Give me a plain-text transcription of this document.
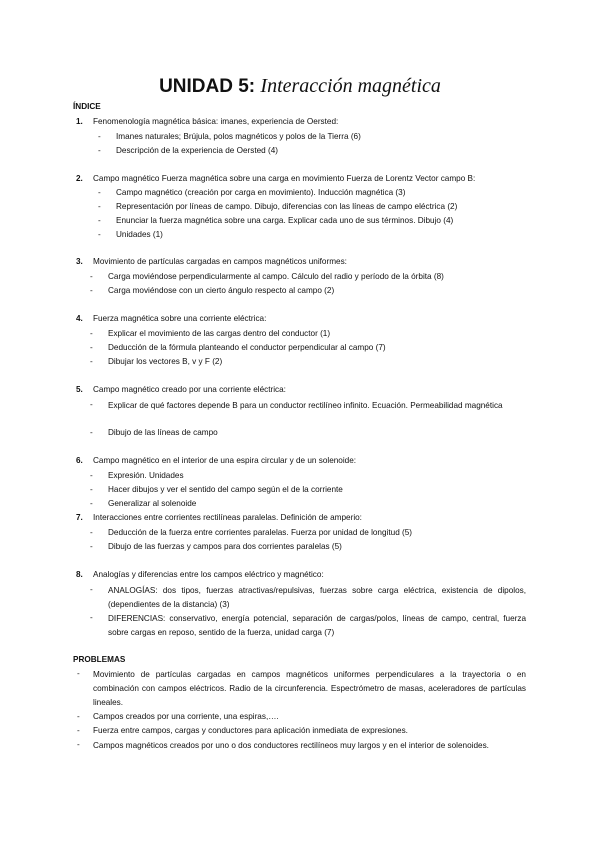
UNIDAD 5: Interacción magnética
ÍNDICE
1. Fenomenología magnética básica: imanes, experiencia de Oersted:
- Imanes naturales; Brújula, polos magnéticos y polos de la Tierra (6)
- Descripción de la experiencia de Oersted (4)
2. Campo magnético Fuerza magnética sobre una carga en movimiento Fuerza de Lorentz Vector campo B:
- Campo magnético (creación por carga en movimiento). Inducción magnética (3)
- Representación por líneas de campo. Dibujo, diferencias con las líneas de campo eléctrica (2)
- Enunciar la fuerza magnética sobre una carga. Explicar cada uno de sus términos. Dibujo (4)
- Unidades (1)
3. Movimiento de partículas cargadas en campos magnéticos uniformes:
- Carga moviéndose perpendicularmente al campo. Cálculo del radio y período de la órbita (8)
- Carga moviéndose con un cierto ángulo respecto al campo (2)
4. Fuerza magnética sobre una corriente eléctrica:
- Explicar el movimiento de las cargas dentro del conductor (1)
- Deducción de la fórmula planteando el conductor perpendicular al campo (7)
- Dibujar los vectores B, v y F (2)
5. Campo magnético creado por una corriente eléctrica:
- Explicar de qué factores depende B para un conductor rectilíneo infinito. Ecuación. Permeabilidad magnética
- Dibujo de las líneas de campo
6. Campo magnético en el interior de una espira circular y de un solenoide:
- Expresión. Unidades
- Hacer dibujos y ver el sentido del campo según el de la corriente
- Generalizar al solenoide
7. Interacciones entre corrientes rectilíneas paralelas. Definición de amperio:
- Deducción de la fuerza entre corrientes paralelas. Fuerza por unidad de longitud (5)
- Dibujo de las fuerzas y campos para dos corrientes paralelas (5)
8. Analogías y diferencias entre los campos eléctrico y magnético:
- ANALOGÍAS: dos tipos, fuerzas atractivas/repulsivas, fuerzas sobre carga eléctrica, existencia de dipolos, (dependientes de la distancia) (3)
- DIFERENCIAS: conservativo, energía potencial, separación de cargas/polos, líneas de campo, central, fuerza sobre cargas en reposo, sentido de la fuerza, unidad carga (7)
PROBLEMAS
- Movimiento de partículas cargadas en campos magnéticos uniformes perpendiculares a la trayectoria o en combinación con campos eléctricos. Radio de la circunferencia. Espectrómetro de masas, aceleradores de partículas lineales.
- Campos creados por una corriente, una espiras,….
- Fuerza entre campos, cargas y conductores para aplicación inmediata de expresiones.
- Campos magnéticos creados por uno o dos conductores rectilíneos muy largos y en el interior de solenoides.
